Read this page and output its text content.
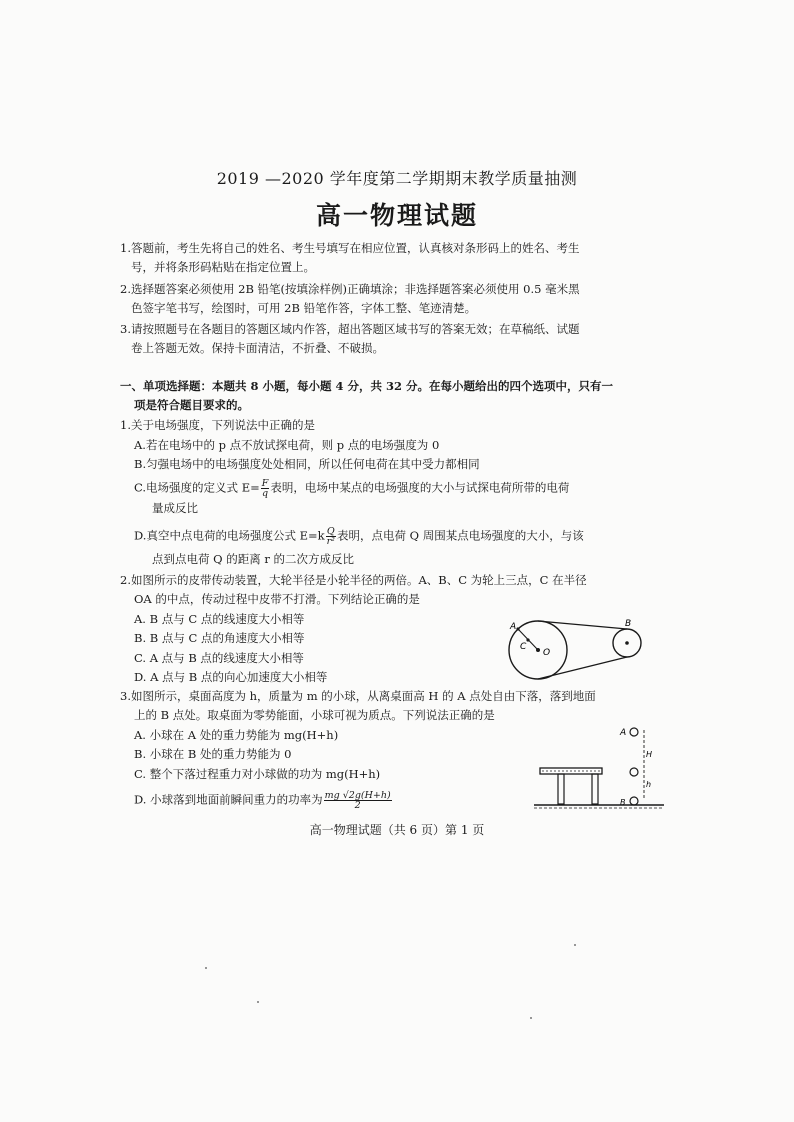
2019 —2020 学年度第二学期期末教学质量抽测
高一物理试题
1.答题前，考生先将自己的姓名、考生号填写在相应位置，认真核对条形码上的姓名、考生
号，并将条形码粘贴在指定位置上。
2.选择题答案必须使用 2B 铅笔(按填涂样例)正确填涂；非选择题答案必须使用 0.5 毫米黑
色签字笔书写，绘图时，可用 2B 铅笔作答，字体工整、笔迹清楚。
3.请按照题号在各题目的答题区域内作答，超出答题区域书写的答案无效；在草稿纸、试题
卷上答题无效。保持卡面清洁，不折叠、不破损。
一、单项选择题：本题共 8 小题，每小题 4 分，共 32 分。在每小题给出的四个选项中，只有一
项是符合题目要求的。
1.关于电场强度，下列说法中正确的是
A.若在电场中的 p 点不放试探电荷，则 p 点的电场强度为 0
B.匀强电场中的电场强度处处相同，所以任何电荷在其中受力都相同
C.电场强度的定义式 $E= \frac{F}{q}$ 表明，电场中某点的电场强度的大小与试探电荷所带的电荷
量成反比
D.真空中点电荷的电场强度公式 $E=k \frac{Q}{\text{r²}}$ 表明，点电荷 Q 周围某点电场强度的大小，与该
点到点电荷 Q 的距离 r 的二次方成反比
2.如图所示的皮带传动装置，大轮半径是小轮半径的两倍。A、B、C 为轮上三点，C 在半径
OA 的中点，传动过程中皮带不打滑。下列结论正确的是
A. B 点与 C 点的线速度大小相等
B. B 点与 C 点的角速度大小相等
C. A 点与 B 点的线速度大小相等
D. A 点与 B 点的向心加速度大小相等
A
C
O
B
3.如图所示，桌面高度为 h，质量为 m 的小球，从离桌面高 H 的 A 点处自由下落，落到地面
上的 B 点处。取桌面为零势能面，小球可视为质点。下列说法正确的是
A. 小球在 A 处的重力势能为 mg(H+h)
B. 小球在 B 处的重力势能为 0
C. 整个下落过程重力对小球做的功为 mg(H+h)
D. 小球落到地面前瞬间重力的功率为 $\frac{mg √2g(H+h)}{2}$
A
H
h
B
高一物理试题（共 6 页）第 1 页
